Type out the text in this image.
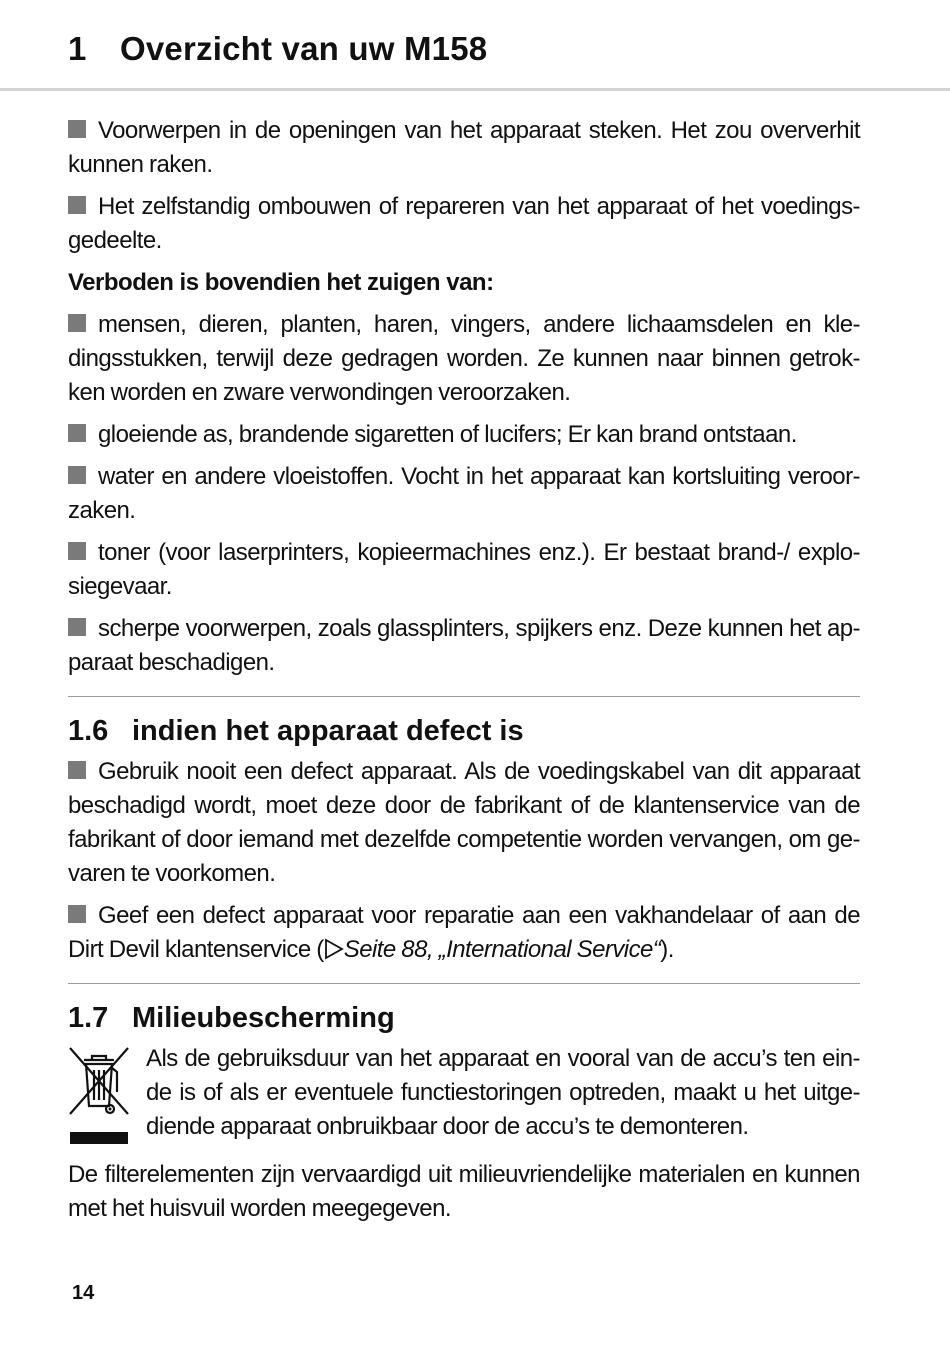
1 Overzicht van uw M158

Voorwerpen in de openingen van het apparaat steken. Het zou oververhit kunnen raken.

Het zelfstandig ombouwen of repareren van het apparaat of het voedings-gedeelte.

Verboden is bovendien het zuigen van:

mensen, dieren, planten, haren, vingers, andere lichaamsdelen en kle-dingsstukken, terwijl deze gedragen worden. Ze kunnen naar binnen getrok-ken worden en zware verwondingen veroorzaken.

gloeiende as, brandende sigaretten of lucifers; Er kan brand ontstaan.

water en andere vloeistoffen. Vocht in het apparaat kan kortsluiting veroor-zaken.

toner (voor laserprinters, kopieermachines enz.). Er bestaat brand-/ explo-siegevaar.

scherpe voorwerpen, zoals glassplinters, spijkers enz. Deze kunnen het ap-paraat beschadigen.

1.6 indien het apparaat defect is

Gebruik nooit een defect apparaat. Als de voedingskabel van dit apparaat beschadigd wordt, moet deze door de fabrikant of de klantenservice van de fabrikant of door iemand met dezelfde competentie worden vervangen, om ge-varen te voorkomen.

Geef een defect apparaat voor reparatie aan een vakhandelaar of aan de Dirt Devil klantenservice ( Seite 88, „International Service“).

1.7 Milieubescherming

Als de gebruiksduur van het apparaat en vooral van de accu’s ten ein-de is of als er eventuele functiestoringen optreden, maakt u het uitge-diende apparaat onbruikbaar door de accu’s te demonteren.

De filterelementen zijn vervaardigd uit milieuvriendelijke materialen en kunnen met het huisvuil worden meegegeven.

14
